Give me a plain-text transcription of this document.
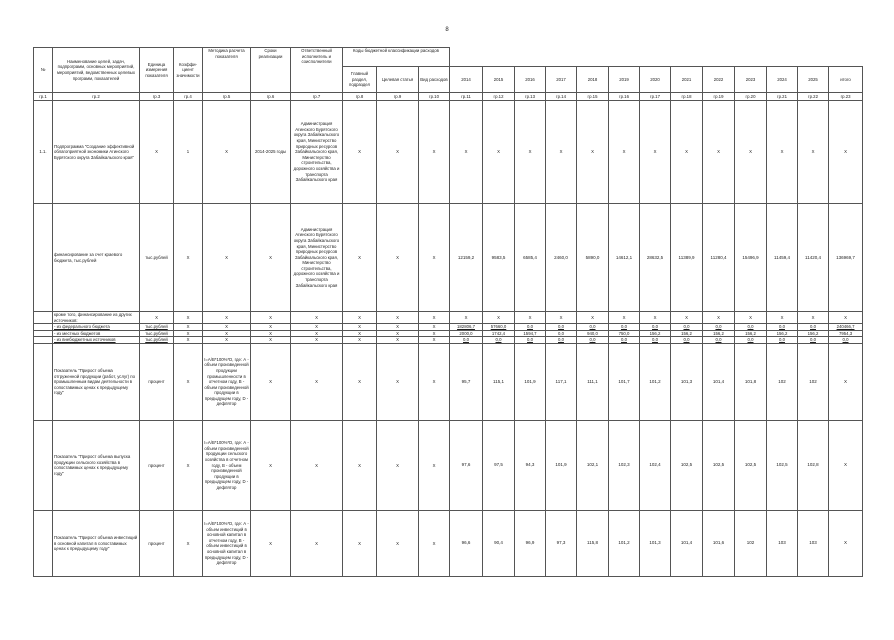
8
№	Наименование целей, задач, подпрограмм, основных мероприятий, мероприятий, ведомственных целевых программ, показателей	Единица измерения показателя	Коэффи-циент значимости	Методика расчета показателя	Сроки реализации	Ответственный исполнитель и соисполнители	Коды бюджетной классификации расходов															
							Главный раздел, подраздел	Целевая статья	Вид расходов	2014	2015	2016	2017	2018	2019	2020	2021	2022	2023	2024	2025	итого
гр.1	гр.2	гр.3	гр.4	гр.5	гр.6	гр.7	гр.8	гр.9	гр.10	гр.11	гр.12	гр.13	гр.14	гр.15	гр.16	гр.17	гр.18	гр.19	гр.20	гр.21	гр.22	гр.23
1.1.	Подпрограмма "Создание эффективной облагоприятной экономики Агинского Бурятского округа Забайкальского края"	Х	1	Х	2014-2025 годы	Администрация Агинского Бурятского округа Забайкальского края, Министерство природных ресурсов Забайкальского края, Министерство строительства, дорожного хозяйства и транспорта Забайкальского края	Х	Х	Х	Х	Х	Х	Х	Х	Х	Х	Х	Х	Х	Х	Х	Х
	финансирование за счет краевого бюджета, тыс.рублей	тыс.рублей	Х	Х	Х	Администрация Агинского Бурятского округа Забайкальского края, Министерство природных ресурсов Забайкальского края, Министерство строительства, дорожного хозяйства и транспорта Забайкальского края	Х	Х	Х	12159,2	9583,5	6585,4	2460,0	5890,0	14612,1	28632,5	11389,9	11280,4	15496,9	11459,4	11420,4	136969,7
	кроме того, финансирование из других источников:	Х	Х	Х	Х	Х	Х	Х	Х	Х	Х	Х	Х	Х	Х	Х	Х	Х	Х	Х	Х	Х
	- из федерального бюджета	тыс.рублей	Х	Х	Х	Х	Х	Х	Х	182806,7	57660,0	0,0	0,0	0,0	0,0	0,0	0,0	0,0	0,0	0,0	0,0	240466,7
	- из местных бюджетов	тыс.рублей	Х	Х	Х	Х	Х	Х	Х	2000,0	1742,4	1594,7	0,0	940,0	750,0	156,2	156,2	156,2	156,2	156,2	156,2	7954,3
	- из внебюджетных источников	тыс.рублей	Х	Х	Х	Х	Х	Х	Х	0,0	0,0	0,0	0,0	0,0	0,0	0,0	0,0	0,0	0,0	0,0	0,0	0,0
	Показатель "Прирост объема отгруженной продукции (работ, услуг) по промышленным видам деятельности в сопоставимых ценах к предыдущему году"	процент	Х	I=A/B*100%*D, где: А - объем произведенной продукции промышленности в отчетном году, В - объем произведенной продукции в предыдущем году, D - дефлятор	Х	Х	Х	Х	Х	95,7	115,1	101,9	117,1	111,1	101,7	101,2	101,3	101,4	101,8	102	102	Х
	Показатель "Прирост объема выпуска продукции сельского хозяйства в сопоставимых ценах к предыдущему году"	процент	Х	I=A/B*100%*D, где: А - объем произведенной продукции сельского хозяйства в отчетном году, В - объем произведенной продукции в предыдущем году, D - дефлятор	Х	Х	Х	Х	Х	97,6	97,5	94,3	101,9	102,1	102,3	102,4	102,5	102,5	102,5	102,5	102,8	Х
	Показатель "Прирост объема инвестиций в основной капитал в сопоставимых ценах к предыдущему году"	процент	Х	I=A/B*100%*D, где: А - объем инвестиций в основной капитал в отчетном году, В - объем инвестиций в основной капитал в предыдущем году, D - дефлятор	Х	Х	Х	Х	Х	96,6	90,4	96,9	97,3	115,8	101,2	101,3	101,4	101,6	102	103	103	Х
